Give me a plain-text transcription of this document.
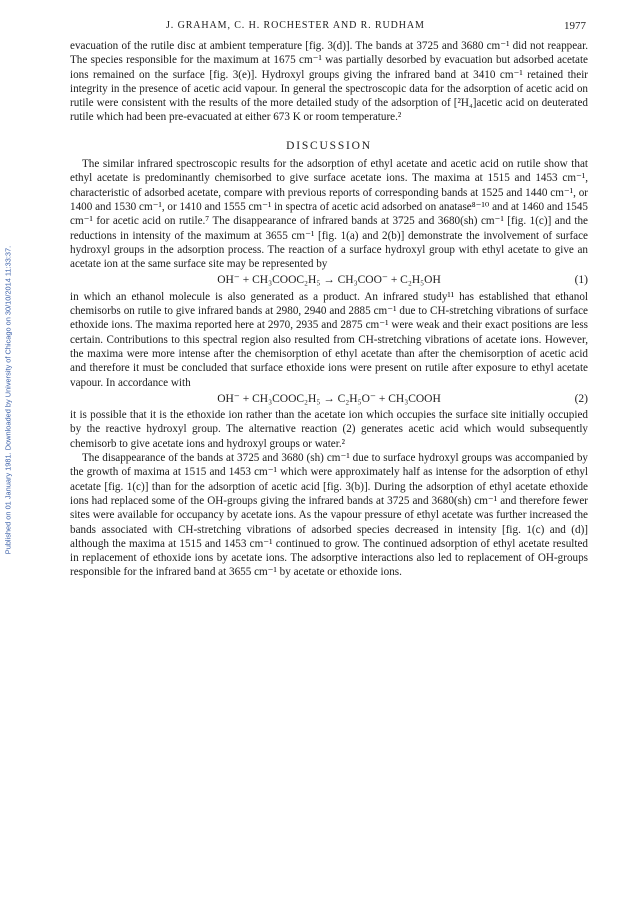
Published on 01 January 1981. Downloaded by University of Chicago on 30/10/2014 11:33:37.
J. GRAHAM, C. H. ROCHESTER AND R. RUDHAM	1977

evacuation of the rutile disc at ambient temperature [fig. 3(d)]. The bands at 3725 and 3680 cm⁻¹ did not reappear. The species responsible for the maximum at 1675 cm⁻¹ was partially desorbed by evacuation but adsorbed acetate ions remained on the surface [fig. 3(e)]. Hydroxyl groups giving the infrared band at 3410 cm⁻¹ retained their integrity in the presence of acetic acid vapour. In general the spectroscopic data for the adsorption of acetic acid on rutile were consistent with the results of the more detailed study of the adsorption of [²H₄]acetic acid on deuterated rutile which had been pre-evacuated at either 673 K or room temperature.²

DISCUSSION

The similar infrared spectroscopic results for the adsorption of ethyl acetate and acetic acid on rutile show that ethyl acetate is predominantly chemisorbed to give surface acetate ions. The maxima at 1515 and 1453 cm⁻¹, characteristic of adsorbed acetate, compare with previous reports of corresponding bands at 1525 and 1440 cm⁻¹, or 1400 and 1530 cm⁻¹, or 1410 and 1555 cm⁻¹ in spectra of acetic acid adsorbed on anatase⁸⁻¹⁰ and at 1460 and 1545 cm⁻¹ for acetic acid on rutile.⁷ The disappearance of infrared bands at 3725 and 3680(sh) cm⁻¹ [fig. 1(c)] and the reductions in intensity of the maximum at 3655 cm⁻¹ [fig. 1(a) and 2(b)] demonstrate the involvement of surface hydroxyl groups in the adsorption process. The reaction of a surface hydroxyl group with ethyl acetate to give an acetate ion at the same surface site may be represented by

OH⁻ + CH₃COOC₂H₅ → CH₃COO⁻ + C₂H₅OH	(1)

in which an ethanol molecule is also generated as a product. An infrared study¹¹ has established that ethanol chemisorbs on rutile to give infrared bands at 2980, 2940 and 2885 cm⁻¹ due to CH-stretching vibrations of surface ethoxide ions. The maxima reported here at 2970, 2935 and 2875 cm⁻¹ were weak and their exact positions are less certain. Contributions to this spectral region also resulted from CH-stretching vibrations of acetate ions. However, the maxima were more intense after the chemisorption of ethyl acetate than after the chemisorption of acetic acid and therefore it must be concluded that surface ethoxide ions were present on rutile after exposure to ethyl acetate vapour. In accordance with

OH⁻ + CH₃COOC₂H₅ → C₂H₅O⁻ + CH₃COOH	(2)

it is possible that it is the ethoxide ion rather than the acetate ion which occupies the surface site initially occupied by the reactive hydroxyl group. The alternative reaction (2) generates acetic acid which would subsequently chemisorb to give acetate ions and hydroxyl groups or water.²

The disappearance of the bands at 3725 and 3680 (sh) cm⁻¹ due to surface hydroxyl groups was accompanied by the growth of maxima at 1515 and 1453 cm⁻¹ which were approximately half as intense for the adsorption of ethyl acetate [fig. 1(c)] than for the adsorption of acetic acid [fig. 3(b)]. During the adsorption of ethyl acetate ethoxide ions had replaced some of the OH-groups giving the infrared bands at 3725 and 3680(sh) cm⁻¹ and therefore fewer sites were available for occupancy by acetate ions. As the vapour pressure of ethyl acetate was further increased the bands associated with CH-stretching vibrations of adsorbed species decreased in intensity [fig. 1(c) and (d)] although the maxima at 1515 and 1453 cm⁻¹ continued to grow. The continued adsorption of ethyl acetate resulted in replacement of ethoxide ions by acetate ions. The adsorptive interactions also led to replacement of OH-groups responsible for the infrared band at 3655 cm⁻¹ by acetate or ethoxide ions.
